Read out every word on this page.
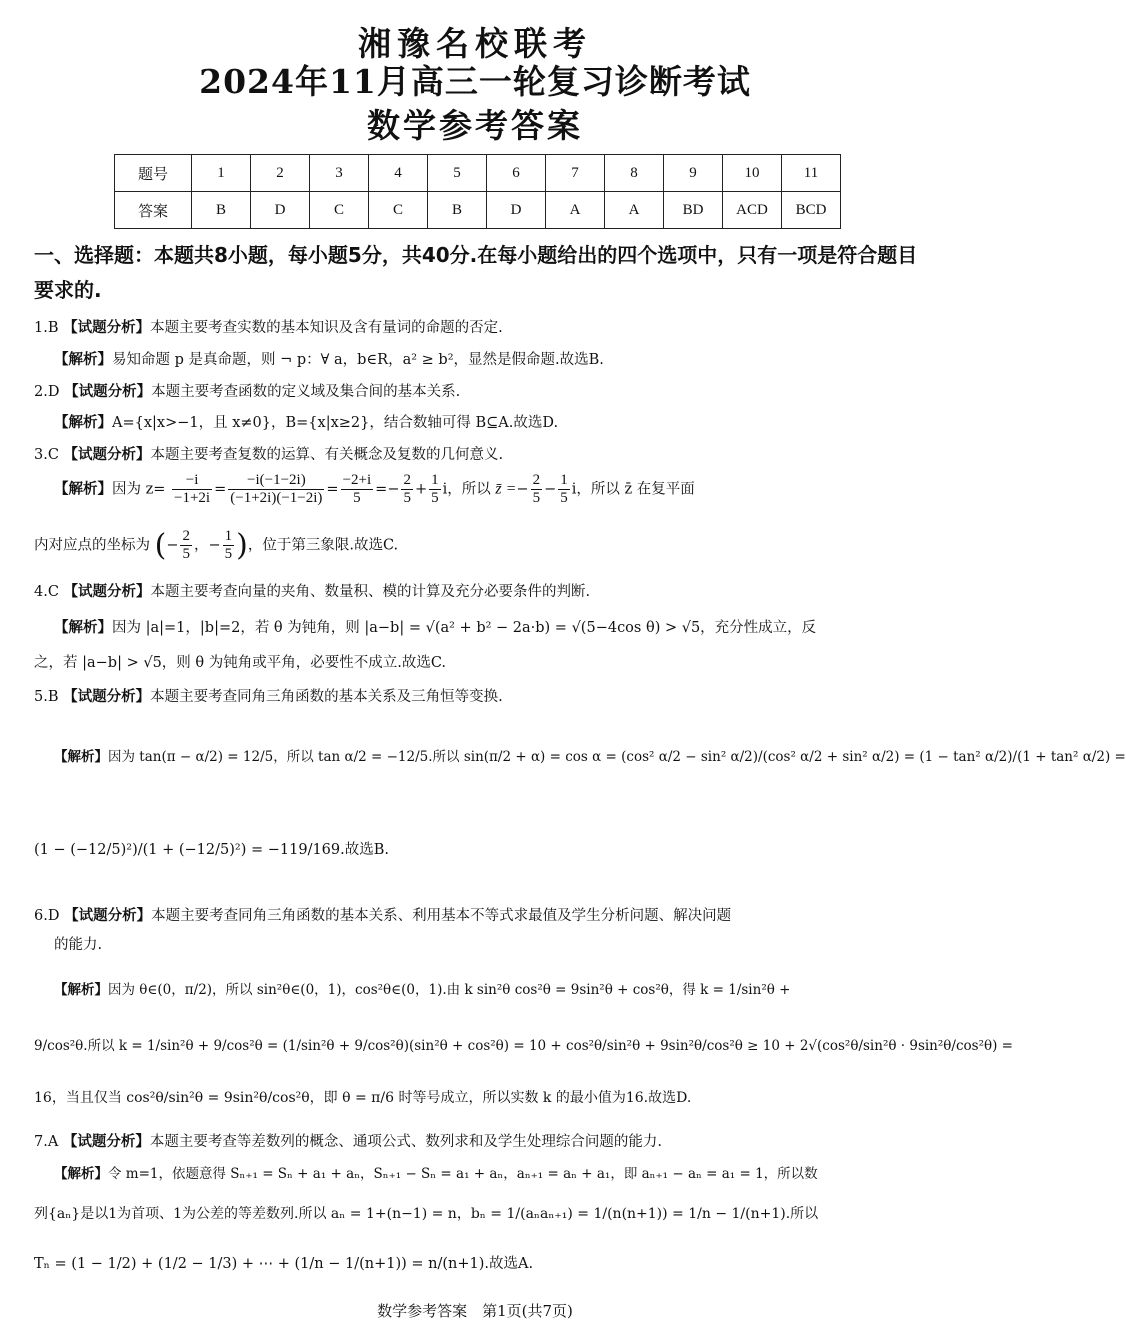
湘豫名校联考
2024年11月高三一轮复习诊断考试
数学参考答案
题号	1	2	3	4	5	6	7	8	9	10	11
答案	B	D	C	C	B	D	A	A	BD	ACD	BCD
一、选择题：本题共8小题，每小题5分，共40分.在每小题给出的四个选项中，只有一项是符合题目要求的.
1.B 【试题分析】本题主要考查实数的基本知识及含有量词的命题的否定.
【解析】易知命题 p 是真命题，则 ¬ p：∀ a，b∈R，a² ≥ b²，显然是假命题.故选B.
2.D 【试题分析】本题主要考查函数的定义域及集合间的基本关系.
【解析】A={x|x>−1，且 x≠0}，B={x|x≥2}，结合数轴可得 B⊆A.故选D.
3.C 【试题分析】本题主要考查复数的运算、有关概念及复数的几何意义.
【解析】因为 $z= \frac{-i}{-1+2i} = \frac{-i(-1-2i)}{(-1+2i)(-1-2i)} = \frac{-2+i}{5} =- \frac{2}{5} + \frac{1}{5}$ i，所以 z̄ =− $\frac{2}{5} - \frac{1}{5}$ i，所以 z̄ 在复平面
内对应点的坐标为 (− $\frac{2}{5}$ ，− $\frac{1}{5}$ )，位于第三象限.故选C.
4.C 【试题分析】本题主要考查向量的夹角、数量积、模的计算及充分必要条件的判断.
【解析】因为 |a|=1，|b|=2，若 θ 为钝角，则 |a−b| = √(a² + b² − 2a·b) = √(5−4cos θ) > √5，充分性成立，反
之，若 |a−b| > √5，则 θ 为钝角或平角，必要性不成立.故选C.
5.B 【试题分析】本题主要考查同角三角函数的基本关系及三角恒等变换.
【解析】因为 tan(π − α/2) = 12/5，所以 tan α/2 = −12/5.所以 sin(π/2 + α) = cos α = (cos² α/2 − sin² α/2)/(cos² α/2 + sin² α/2) = (1 − tan² α/2)/(1 + tan² α/2) =
(1 − (−12/5)²)/(1 + (−12/5)²) = −119/169.故选B.
6.D 【试题分析】本题主要考查同角三角函数的基本关系、利用基本不等式求最值及学生分析问题、解决问题
的能力.
【解析】因为 θ∈(0，π/2)，所以 sin²θ∈(0，1)，cos²θ∈(0，1).由 k sin²θ cos²θ = 9sin²θ + cos²θ，得 k = 1/sin²θ +
9/cos²θ.所以 k = 1/sin²θ + 9/cos²θ = (1/sin²θ + 9/cos²θ)(sin²θ + cos²θ) = 10 + cos²θ/sin²θ + 9sin²θ/cos²θ ≥ 10 + 2√(cos²θ/sin²θ · 9sin²θ/cos²θ) =
16，当且仅当 cos²θ/sin²θ = 9sin²θ/cos²θ，即 θ = π/6 时等号成立，所以实数 k 的最小值为16.故选D.
7.A 【试题分析】本题主要考查等差数列的概念、通项公式、数列求和及学生处理综合问题的能力.
【解析】令 m=1，依题意得 Sₙ₊₁ = Sₙ + a₁ + aₙ，Sₙ₊₁ − Sₙ = a₁ + aₙ，aₙ₊₁ = aₙ + a₁，即 aₙ₊₁ − aₙ = a₁ = 1，所以数
列{aₙ}是以1为首项、1为公差的等差数列.所以 aₙ = 1+(n−1) = n，bₙ = 1/(aₙaₙ₊₁) = 1/(n(n+1)) = 1/n − 1/(n+1).所以
Tₙ = (1 − 1/2) + (1/2 − 1/3) + ⋯ + (1/n − 1/(n+1)) = n/(n+1).故选A.
数学参考答案　第1页(共7页)
